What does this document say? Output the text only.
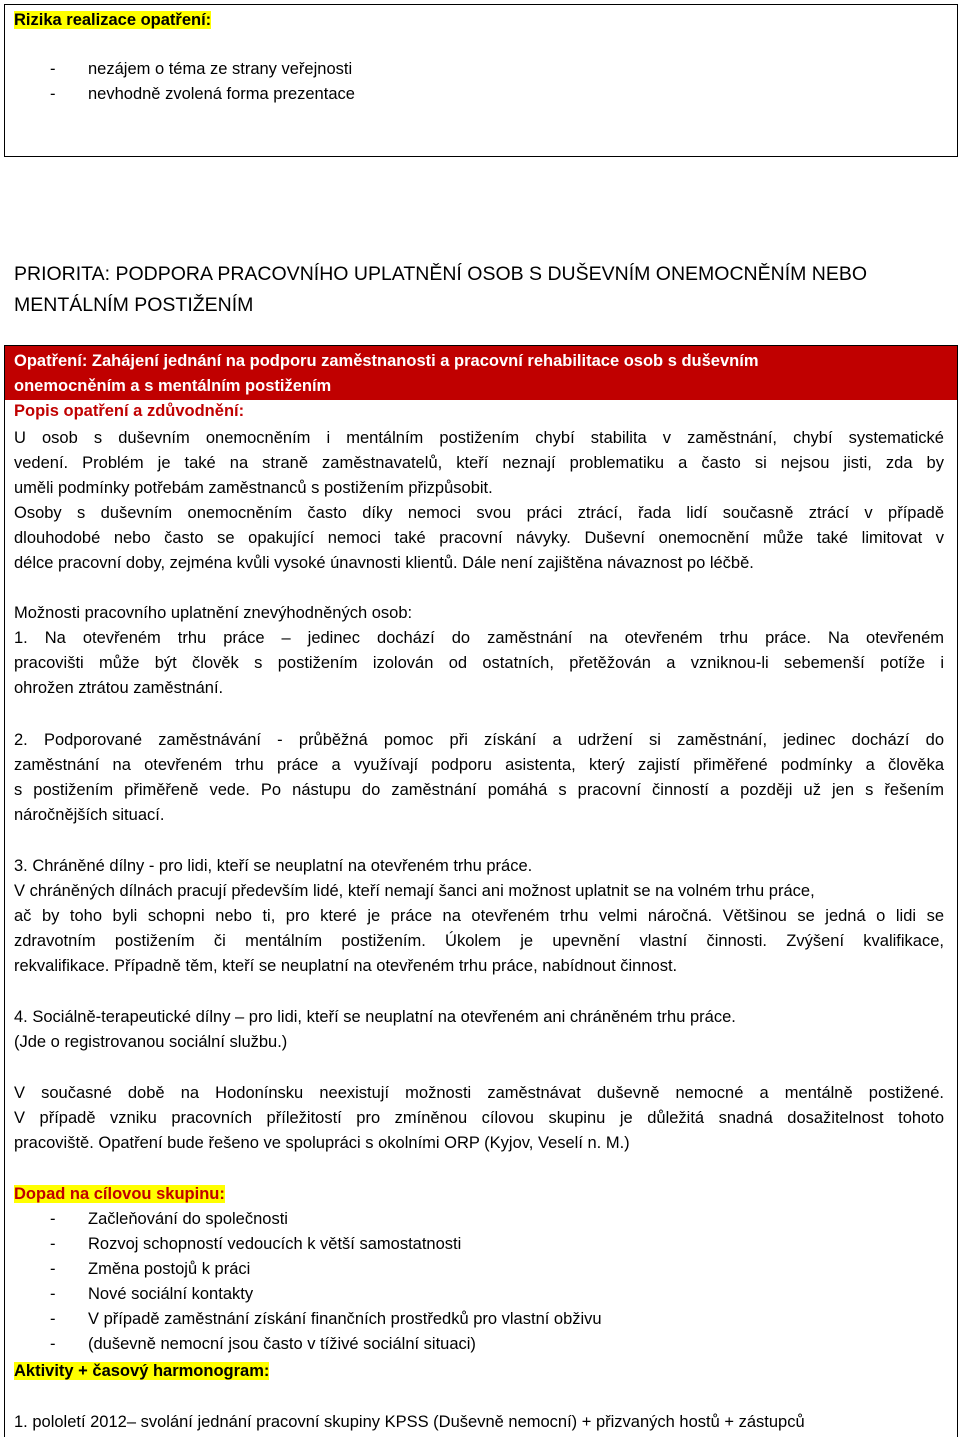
Rizika realizace opatření:
- nezájem o téma ze strany veřejnosti
- nevhodně zvolená forma prezentace
PRIORITA: PODPORA PRACOVNÍHO UPLATNĚNÍ OSOB S DUŠEVNÍM ONEMOCNĚNÍM NEBO
MENTÁLNÍM POSTIŽENÍM
Opatření: Zahájení jednání na podporu zaměstnanosti a pracovní rehabilitace osob s duševním
onemocněním a s mentálním postižením
Popis opatření a zdůvodnění:
U osob s duševním onemocněním i mentálním postižením chybí stabilita v zaměstnání, chybí systematické
vedení. Problém je také na straně zaměstnavatelů, kteří neznají problematiku a často si nejsou jisti, zda by
uměli podmínky potřebám zaměstnanců s postižením přizpůsobit.
Osoby s duševním onemocněním často díky nemoci svou práci ztrácí, řada lidí současně ztrácí v případě
dlouhodobé nebo často se opakující nemoci také pracovní návyky. Duševní onemocnění může také limitovat v
délce pracovní doby, zejména kvůli vysoké únavnosti klientů. Dále není zajištěna návaznost po léčbě.
Možnosti pracovního uplatnění znevýhodněných osob:
1. Na otevřeném trhu práce – jedinec dochází do zaměstnání na otevřeném trhu práce. Na otevřeném
pracovišti může být člověk s postižením izolován od ostatních, přetěžován a vzniknou-li sebemenší potíže i
ohrožen ztrátou zaměstnání.
2. Podporované zaměstnávání - průběžná pomoc při získání a udržení si zaměstnání, jedinec dochází do
zaměstnání na otevřeném trhu práce a využívají podporu asistenta, který zajistí přiměřené podmínky a člověka
s postižením přiměřeně vede. Po nástupu do zaměstnání pomáhá s pracovní činností a později už jen s řešením
náročnějších situací.
3. Chráněné dílny - pro lidi, kteří se neuplatní na otevřeném trhu práce.
V chráněných dílnách pracují především lidé, kteří nemají šanci ani možnost uplatnit se na volném trhu práce,
ač by toho byli schopni nebo ti, pro které je práce na otevřeném trhu velmi náročná. Většinou se jedná o lidi se
zdravotním postižením či mentálním postižením. Úkolem je upevnění vlastní činnosti. Zvýšení kvalifikace,
rekvalifikace. Případně těm, kteří se neuplatní na otevřeném trhu práce, nabídnout činnost.
4. Sociálně-terapeutické dílny – pro lidi, kteří se neuplatní na otevřeném ani chráněném trhu práce.
(Jde o registrovanou sociální službu.)
V současné době na Hodonínsku neexistují možnosti zaměstnávat duševně nemocné a mentálně postižené.
V případě vzniku pracovních příležitostí pro zmíněnou cílovou skupinu je důležitá snadná dosažitelnost tohoto
pracoviště. Opatření bude řešeno ve spolupráci s okolními ORP (Kyjov, Veselí n. M.)
Dopad na cílovou skupinu:
- Začleňování do společnosti
- Rozvoj schopností vedoucích k větší samostatnosti
- Změna postojů k práci
- Nové sociální kontakty
- V případě zaměstnání získání finančních prostředků pro vlastní obživu
- (duševně nemocní jsou často v tíživé sociální situaci)
Aktivity + časový harmonogram:
1. pololetí 2012– svolání jednání pracovní skupiny KPSS (Duševně nemocní) + přizvaných hostů + zástupců
